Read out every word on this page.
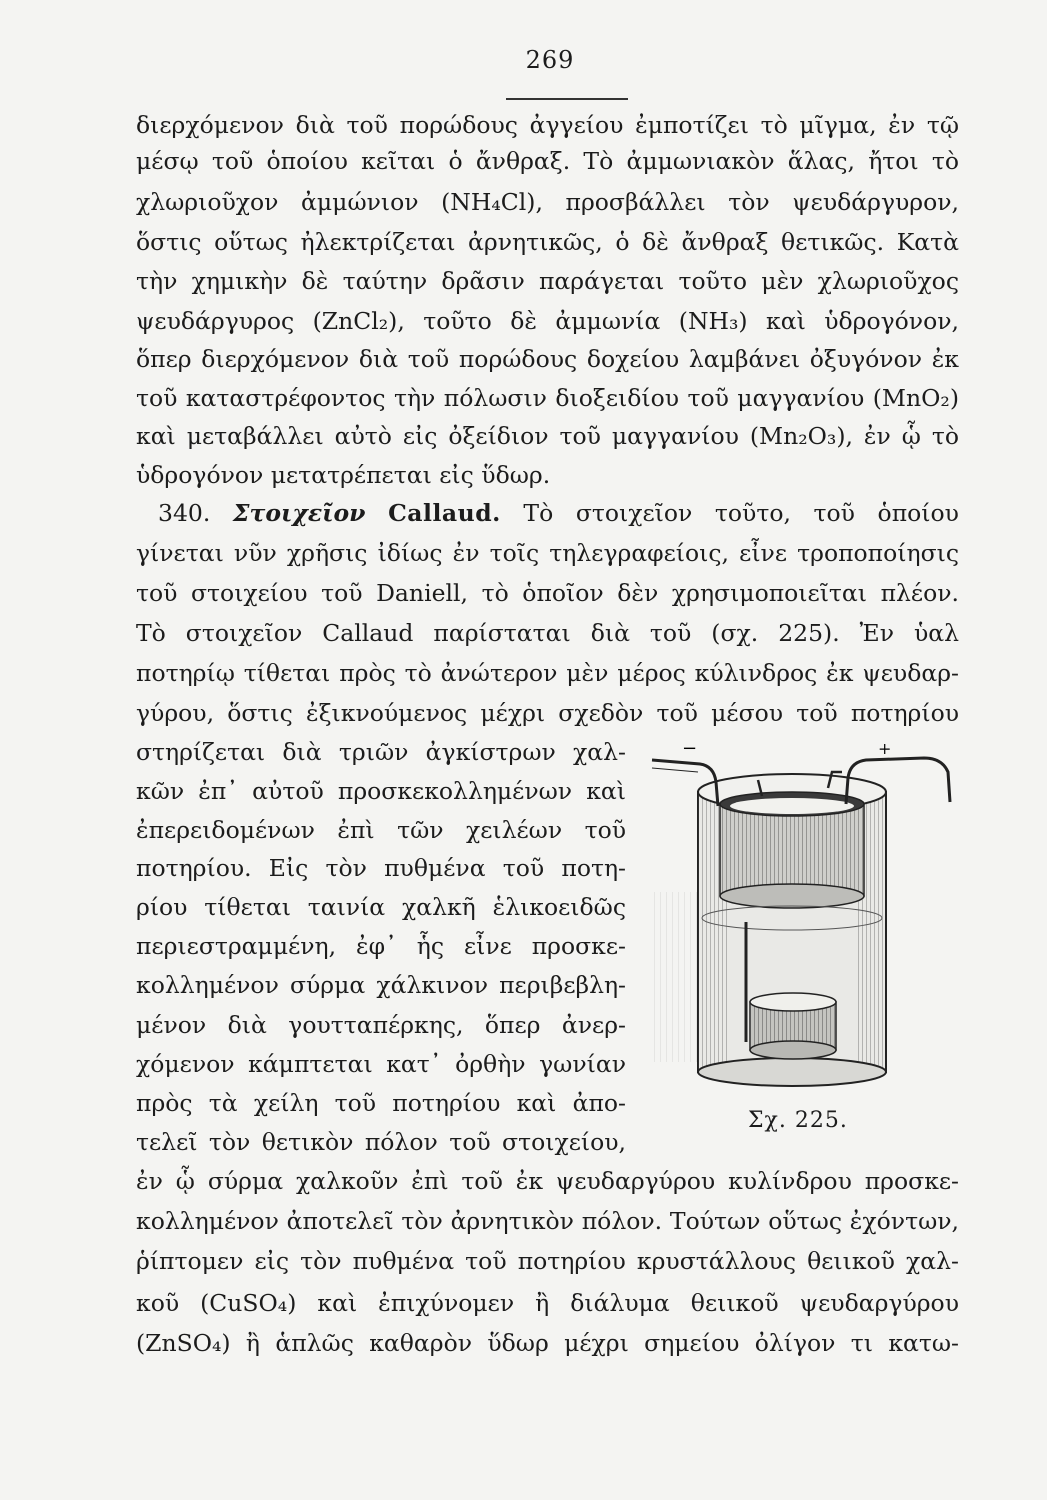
269
διερχόμενον διὰ τοῦ πορώδους ἀγγείου ἐμποτίζει τὸ μῖγμα, ἐν τῷ
μέσῳ τοῦ ὁποίου κεῖται ὁ ἄνθραξ. Τὸ ἀμμωνιακὸν ἅλας, ἤτοι τὸ
χλωριοῦχον ἀμμώνιον (NH₄Cl), προσβάλλει τὸν ψευδάργυρον,
ὅστις οὕτως ἠλεκτρίζεται ἀρνητικῶς, ὁ δὲ ἄνθραξ θετικῶς. Κατὰ
τὴν χημικὴν δὲ ταύτην δρᾶσιν παράγεται τοῦτο μὲν χλωριοῦχος
ψευδάργυρος (ZnCl₂), τοῦτο δὲ ἀμμωνία (NH₃) καὶ ὑδρογόνον,
ὅπερ διερχόμενον διὰ τοῦ πορώδους δοχείου λαμβάνει ὀξυγόνον ἐκ
τοῦ καταστρέφοντος τὴν πόλωσιν διοξειδίου τοῦ μαγγανίου (MnO₂)
καὶ μεταβάλλει αὐτὸ εἰς ὀξείδιον τοῦ μαγγανίου (Mn₂O₃), ἐν ᾧ τὸ
ὑδρογόνον μετατρέπεται εἰς ὕδωρ.
340. Στοιχεῖον Callaud. Τὸ στοιχεῖον τοῦτο, τοῦ ὁποίου
γίνεται νῦν χρῆσις ἰδίως ἐν τοῖς τηλεγραφείοις, εἶνε τροποποίησις
τοῦ στοιχείου τοῦ Daniell, τὸ ὁποῖον δὲν χρησιμοποιεῖται πλέον.
Τὸ στοιχεῖον Callaud παρίσταται διὰ τοῦ (σχ. 225). Ἐν ὑαλ
ποτηρίῳ τίθεται πρὸς τὸ ἀνώτερον μὲν μέρος κύλινδρος ἐκ ψευδαρ-
γύρου, ὅστις ἐξικνούμενος μέχρι σχεδὸν τοῦ μέσου τοῦ ποτηρίου
στηρίζεται διὰ τριῶν ἀγκίστρων χαλ-
κῶν ἐπ᾽ αὐτοῦ προσκεκολλημένων καὶ
ἐπερειδομένων ἐπὶ τῶν χειλέων τοῦ
ποτηρίου. Εἰς τὸν πυθμένα τοῦ ποτη-
ρίου τίθεται ταινία χαλκῆ ἑλικοειδῶς
περιεστραμμένη, ἐφ᾽ ἧς εἶνε προσκε-
κολλημένον σύρμα χάλκινον περιβεβλη-
μένον διὰ γουτταπέρκης, ὅπερ ἀνερ-
χόμενον κάμπτεται κατ᾽ ὀρθὴν γωνίαν
πρὸς τὰ χείλη τοῦ ποτηρίου καὶ ἀπο-
τελεῖ τὸν θετικὸν πόλον τοῦ στοιχείου,
−	+
Σχ. 225.
ἐν ᾧ σύρμα χαλκοῦν ἐπὶ τοῦ ἐκ ψευδαργύρου κυλίνδρου προσκε-
κολλημένον ἀποτελεῖ τὸν ἀρνητικὸν πόλον. Τούτων οὕτως ἐχόντων,
ῥίπτομεν εἰς τὸν πυθμένα τοῦ ποτηρίου κρυστάλλους θειικοῦ χαλ-
κοῦ (CuSO₄) καὶ ἐπιχύνομεν ἢ διάλυμα θειικοῦ ψευδαργύρου
(ZnSO₄) ἢ ἁπλῶς καθαρὸν ὕδωρ μέχρι σημείου ὀλίγον τι κατω-
